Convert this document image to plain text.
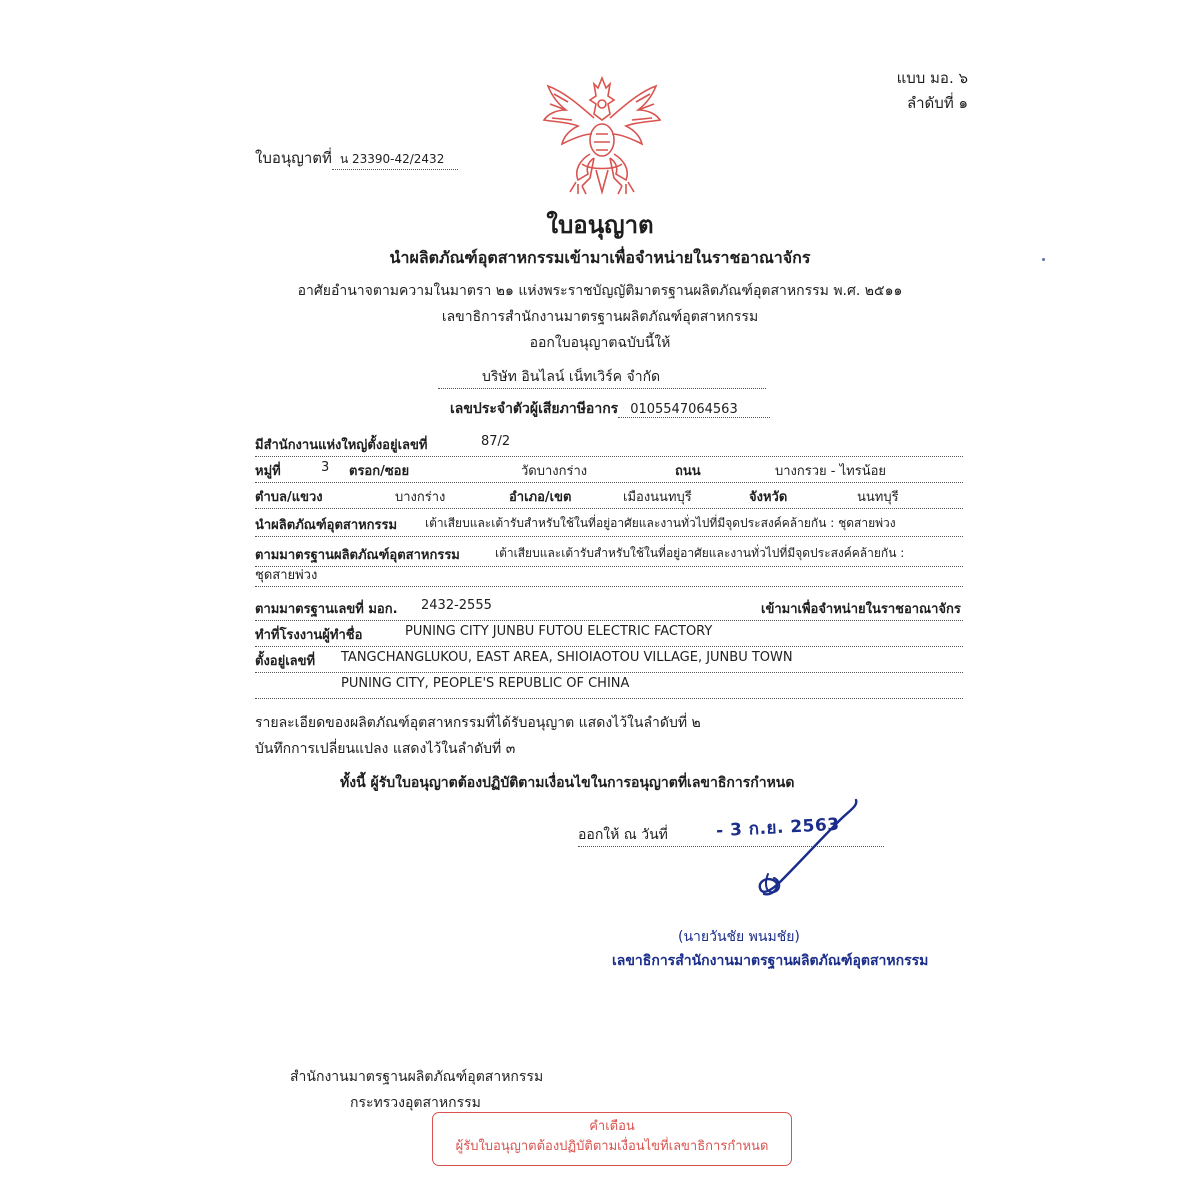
แบบ มอ. ๖
ลำดับที่ ๑
ใบอนุญาตที่ น 23390-42/2432
ใบอนุญาต
นำผลิตภัณฑ์อุตสาหกรรมเข้ามาเพื่อจำหน่ายในราชอาณาจักร
อาศัยอำนาจตามความในมาตรา ๒๑ แห่งพระราชบัญญัติมาตรฐานผลิตภัณฑ์อุตสาหกรรม พ.ศ. ๒๕๑๑
เลขาธิการสำนักงานมาตรฐานผลิตภัณฑ์อุตสาหกรรม
ออกใบอนุญาตฉบับนี้ให้
บริษัท อินไลน์ เน็ทเวิร์ค จำกัด
เลขประจำตัวผู้เสียภาษีอากร 0105547064563
มีสำนักงานแห่งใหญ่ตั้งอยู่เลขที่	87/2
หมู่ที่	3 ตรอก/ซอย	วัดบางกร่าง	ถนน	บางกรวย - ไทรน้อย
ตำบล/แขวง	บางกร่าง	อำเภอ/เขต	เมืองนนทบุรี	จังหวัด	นนทบุรี
นำผลิตภัณฑ์อุตสาหกรรม เต้าเสียบและเต้ารับสำหรับใช้ในที่อยู่อาศัยและงานทั่วไปที่มีจุดประสงค์คล้ายกัน : ชุดสายพ่วง
ตามมาตรฐานผลิตภัณฑ์อุตสาหกรรม	เต้าเสียบและเต้ารับสำหรับใช้ในที่อยู่อาศัยและงานทั่วไปที่มีจุดประสงค์คล้ายกัน :
ชุดสายพ่วง
ตามมาตรฐานเลขที่ มอก. 2432-2555	เข้ามาเพื่อจำหน่ายในราชอาณาจักร
ทำที่โรงงานผู้ทำชื่อ	PUNING CITY JUNBU FUTOU ELECTRIC FACTORY
ตั้งอยู่เลขที่ TANGCHANGLUKOU, EAST AREA, SHIOIAOTOU VILLAGE, JUNBU TOWN
PUNING CITY, PEOPLE'S REPUBLIC OF CHINA
รายละเอียดของผลิตภัณฑ์อุตสาหกรรมที่ได้รับอนุญาต แสดงไว้ในลำดับที่ ๒
บันทึกการเปลี่ยนแปลง แสดงไว้ในลำดับที่ ๓
ทั้งนี้ ผู้รับใบอนุญาตต้องปฏิบัติตามเงื่อนไขในการอนุญาตที่เลขาธิการกำหนด
ออกให้ ณ วันที่	- 3 ก.ย. 2563
(นายวันชัย พนมชัย)
เลขาธิการสำนักงานมาตรฐานผลิตภัณฑ์อุตสาหกรรม
สำนักงานมาตรฐานผลิตภัณฑ์อุตสาหกรรม
กระทรวงอุตสาหกรรม
คำเตือน
ผู้รับใบอนุญาตต้องปฏิบัติตามเงื่อนไขที่เลขาธิการกำหนด
